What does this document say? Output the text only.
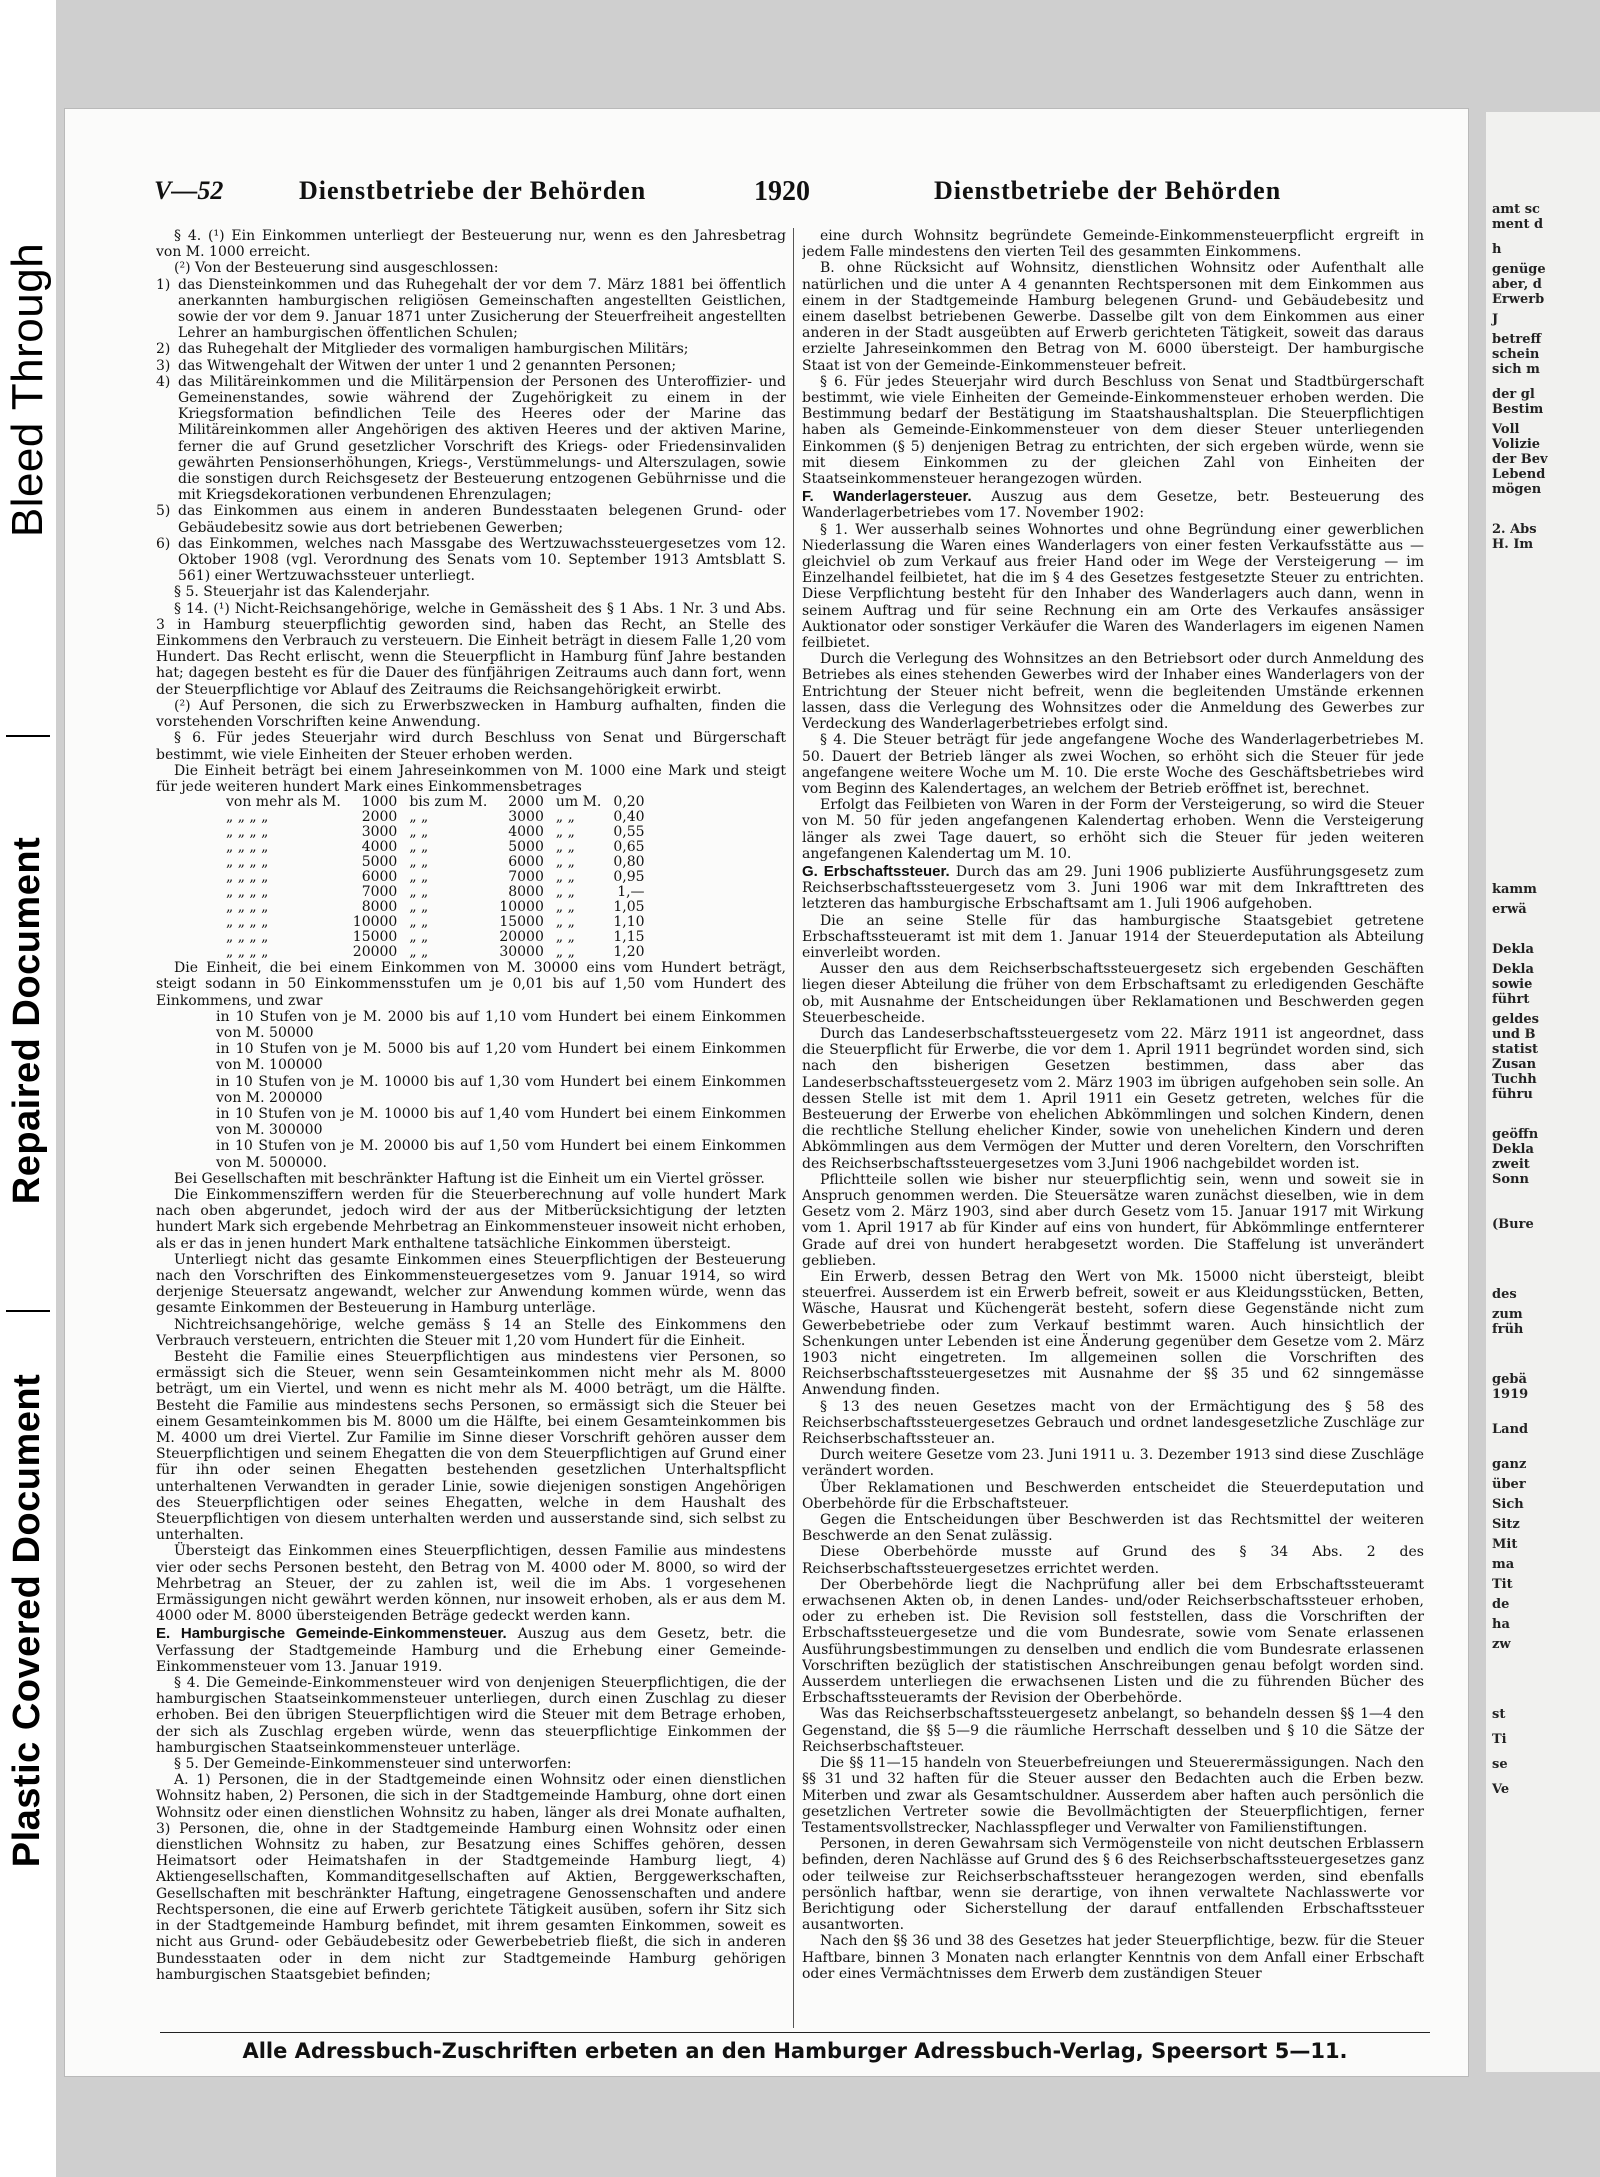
Bleed Through
Repaired Document
Plastic Covered Document
V—52	Dienstbetriebe der Behörden	1920	Dienstbetriebe der Behörden

§ 4. (¹) Ein Einkommen unterliegt der Besteuerung nur, wenn es den Jahresbetrag von M. 1000 erreicht.

(²) Von der Besteuerung sind ausgeschlossen:

1) das Diensteinkommen und das Ruhegehalt der vor dem 7. März 1881 bei öffentlich anerkannten hamburgischen religiösen Gemeinschaften angestellten Geistlichen, sowie der vor dem 9. Januar 1871 unter Zusicherung der Steuerfreiheit angestellten Lehrer an hamburgischen öffentlichen Schulen;

2) das Ruhegehalt der Mitglieder des vormaligen hamburgischen Militärs;

3) das Witwengehalt der Witwen der unter 1 und 2 genannten Personen;

4) das Militäreinkommen und die Militärpension der Personen des Unteroffizier- und Gemeinenstandes, sowie während der Zugehörigkeit zu einem in der Kriegsformation befindlichen Teile des Heeres oder der Marine das Militäreinkommen aller Angehörigen des aktiven Heeres und der aktiven Marine, ferner die auf Grund gesetzlicher Vorschrift des Kriegs- oder Friedensinvaliden gewährten Pensionserhöhungen, Kriegs-, Verstümmelungs- und Alterszulagen, sowie die sonstigen durch Reichsgesetz der Besteuerung entzogenen Gebührnisse und die mit Kriegsdekorationen verbundenen Ehrenzulagen;

5) das Einkommen aus einem in anderen Bundesstaaten belegenen Grund- oder Gebäudebesitz sowie aus dort betriebenen Gewerben;

6) das Einkommen, welches nach Massgabe des Wertzuwachssteuergesetzes vom 12. Oktober 1908 (vgl. Verordnung des Senats vom 10. September 1913 Amtsblatt S. 561) einer Wertzuwachssteuer unterliegt.

§ 5. Steuerjahr ist das Kalenderjahr.

§ 14. (¹) Nicht-Reichsangehörige, welche in Gemässheit des § 1 Abs. 1 Nr. 3 und Abs. 3 in Hamburg steuerpflichtig geworden sind, haben das Recht, an Stelle des Einkommens den Verbrauch zu versteuern. Die Einheit beträgt in diesem Falle 1,20 vom Hundert. Das Recht erlischt, wenn die Steuerpflicht in Hamburg fünf Jahre bestanden hat; dagegen besteht es für die Dauer des fünfjährigen Zeitraums auch dann fort, wenn der Steuerpflichtige vor Ablauf des Zeitraums die Reichsangehörigkeit erwirbt.

(²) Auf Personen, die sich zu Erwerbszwecken in Hamburg aufhalten, finden die vorstehenden Vorschriften keine Anwendung.

§ 6. Für jedes Steuerjahr wird durch Beschluss von Senat und Bürgerschaft bestimmt, wie viele Einheiten der Steuer erhoben werden.

Die Einheit beträgt bei einem Jahreseinkommen von M. 1000 eine Mark und steigt für jede weiteren hundert Mark eines Einkommensbetrages

von mehr als M.	1000	bis zum M.	2000	um M.	0,20
„ „ „ „	2000	„ „	3000	„ „	0,40
„ „ „ „	3000	„ „	4000	„ „	0,55
„ „ „ „	4000	„ „	5000	„ „	0,65
„ „ „ „	5000	„ „	6000	„ „	0,80
„ „ „ „	6000	„ „	7000	„ „	0,95
„ „ „ „	7000	„ „	8000	„ „	1,—
„ „ „ „	8000	„ „	10000	„ „	1,05
„ „ „ „	10000	„ „	15000	„ „	1,10
„ „ „ „	15000	„ „	20000	„ „	1,15
„ „ „ „	20000	„ „	30000	„ „	1,20

Die Einheit, die bei einem Einkommen von M. 30000 eins vom Hundert beträgt, steigt sodann in 50 Einkommensstufen um je 0,01 bis auf 1,50 vom Hundert des Einkommens, und zwar

in 10 Stufen von je M. 2000 bis auf 1,10 vom Hundert bei einem Einkommen von M. 50000

in 10 Stufen von je M. 5000 bis auf 1,20 vom Hundert bei einem Einkommen von M. 100000

in 10 Stufen von je M. 10000 bis auf 1,30 vom Hundert bei einem Einkommen von M. 200000

in 10 Stufen von je M. 10000 bis auf 1,40 vom Hundert bei einem Einkommen von M. 300000

in 10 Stufen von je M. 20000 bis auf 1,50 vom Hundert bei einem Einkommen von M. 500000.

Bei Gesellschaften mit beschränkter Haftung ist die Einheit um ein Viertel grösser.

Die Einkommensziffern werden für die Steuerberechnung auf volle hundert Mark nach oben abgerundet, jedoch wird der aus der Mitberücksichtigung der letzten hundert Mark sich ergebende Mehrbetrag an Einkommensteuer insoweit nicht erhoben, als er das in jenen hundert Mark enthaltene tatsächliche Einkommen übersteigt.

Unterliegt nicht das gesamte Einkommen eines Steuerpflichtigen der Besteuerung nach den Vorschriften des Einkommensteuergesetzes vom 9. Januar 1914, so wird derjenige Steuersatz angewandt, welcher zur Anwendung kommen würde, wenn das gesamte Einkommen der Besteuerung in Hamburg unterläge.

Nichtreichsangehörige, welche gemäss § 14 an Stelle des Einkommens den Verbrauch versteuern, entrichten die Steuer mit 1,20 vom Hundert für die Einheit.

Besteht die Familie eines Steuerpflichtigen aus mindestens vier Personen, so ermässigt sich die Steuer, wenn sein Gesamteinkommen nicht mehr als M. 8000 beträgt, um ein Viertel, und wenn es nicht mehr als M. 4000 beträgt, um die Hälfte. Besteht die Familie aus mindestens sechs Personen, so ermässigt sich die Steuer bei einem Gesamteinkommen bis M. 8000 um die Hälfte, bei einem Gesamteinkommen bis M. 4000 um drei Viertel. Zur Familie im Sinne dieser Vorschrift gehören ausser dem Steuerpflichtigen und seinem Ehegatten die von dem Steuerpflichtigen auf Grund einer für ihn oder seinen Ehegatten bestehenden gesetzlichen Unterhaltspflicht unterhaltenen Verwandten in gerader Linie, sowie diejenigen sonstigen Angehörigen des Steuerpflichtigen oder seines Ehegatten, welche in dem Haushalt des Steuerpflichtigen von diesem unterhalten werden und ausserstande sind, sich selbst zu unterhalten.

Übersteigt das Einkommen eines Steuerpflichtigen, dessen Familie aus mindestens vier oder sechs Personen besteht, den Betrag von M. 4000 oder M. 8000, so wird der Mehrbetrag an Steuer, der zu zahlen ist, weil die im Abs. 1 vorgesehenen Ermässigungen nicht gewährt werden können, nur insoweit erhoben, als er aus dem M. 4000 oder M. 8000 übersteigenden Beträge gedeckt werden kann.

E. Hamburgische Gemeinde-Einkommensteuer. Auszug aus dem Gesetz, betr. die Verfassung der Stadtgemeinde Hamburg und die Erhebung einer Gemeinde-Einkommensteuer vom 13. Januar 1919.

§ 4. Die Gemeinde-Einkommensteuer wird von denjenigen Steuerpflichtigen, die der hamburgischen Staatseinkommensteuer unterliegen, durch einen Zuschlag zu dieser erhoben. Bei den übrigen Steuerpflichtigen wird die Steuer mit dem Betrage erhoben, der sich als Zuschlag ergeben würde, wenn das steuerpflichtige Einkommen der hamburgischen Staatseinkommensteuer unterläge.

§ 5. Der Gemeinde-Einkommensteuer sind unterworfen:

A. 1) Personen, die in der Stadtgemeinde einen Wohnsitz oder einen dienstlichen Wohnsitz haben, 2) Personen, die sich in der Stadtgemeinde Hamburg, ohne dort einen Wohnsitz oder einen dienstlichen Wohnsitz zu haben, länger als drei Monate aufhalten, 3) Personen, die, ohne in der Stadtgemeinde Hamburg einen Wohnsitz oder einen dienstlichen Wohnsitz zu haben, zur Besatzung eines Schiffes gehören, dessen Heimatsort oder Heimatshafen in der Stadtgemeinde Hamburg liegt, 4) Aktiengesellschaften, Kommanditgesellschaften auf Aktien, Berggewerkschaften, Gesellschaften mit beschränkter Haftung, eingetragene Genossenschaften und andere Rechtspersonen, die eine auf Erwerb gerichtete Tätigkeit ausüben, sofern ihr Sitz sich in der Stadtgemeinde Hamburg befindet, mit ihrem gesamten Einkommen, soweit es nicht aus Grund- oder Gebäudebesitz oder Gewerbebetrieb fließt, die sich in anderen Bundesstaaten oder in dem nicht zur Stadtgemeinde Hamburg gehörigen hamburgischen Staatsgebiet befinden;

eine durch Wohnsitz begründete Gemeinde-Einkommensteuerpflicht ergreift in jedem Falle mindestens den vierten Teil des gesammten Einkommens.

B. ohne Rücksicht auf Wohnsitz, dienstlichen Wohnsitz oder Aufenthalt alle natürlichen und die unter A 4 genannten Rechtspersonen mit dem Einkommen aus einem in der Stadtgemeinde Hamburg belegenen Grund- und Gebäudebesitz und einem daselbst betriebenen Gewerbe. Dasselbe gilt von dem Einkommen aus einer anderen in der Stadt ausgeübten auf Erwerb gerichteten Tätigkeit, soweit das daraus erzielte Jahreseinkommen den Betrag von M. 6000 übersteigt. Der hamburgische Staat ist von der Gemeinde-Einkommensteuer befreit.

§ 6. Für jedes Steuerjahr wird durch Beschluss von Senat und Stadtbürgerschaft bestimmt, wie viele Einheiten der Gemeinde-Einkommensteuer erhoben werden. Die Bestimmung bedarf der Bestätigung im Staatshaushaltsplan. Die Steuerpflichtigen haben als Gemeinde-Einkommensteuer von dem dieser Steuer unterliegenden Einkommen (§ 5) denjenigen Betrag zu entrichten, der sich ergeben würde, wenn sie mit diesem Einkommen zu der gleichen Zahl von Einheiten der Staatseinkommensteuer herangezogen würden.

F. Wanderlagersteuer. Auszug aus dem Gesetze, betr. Besteuerung des Wanderlagerbetriebes vom 17. November 1902:

§ 1. Wer ausserhalb seines Wohnortes und ohne Begründung einer gewerblichen Niederlassung die Waren eines Wanderlagers von einer festen Verkaufsstätte aus — gleichviel ob zum Verkauf aus freier Hand oder im Wege der Versteigerung — im Einzelhandel feilbietet, hat die im § 4 des Gesetzes festgesetzte Steuer zu entrichten. Diese Verpflichtung besteht für den Inhaber des Wanderlagers auch dann, wenn in seinem Auftrag und für seine Rechnung ein am Orte des Verkaufes ansässiger Auktionator oder sonstiger Verkäufer die Waren des Wanderlagers im eigenen Namen feilbietet.

Durch die Verlegung des Wohnsitzes an den Betriebsort oder durch Anmeldung des Betriebes als eines stehenden Gewerbes wird der Inhaber eines Wanderlagers von der Entrichtung der Steuer nicht befreit, wenn die begleitenden Umstände erkennen lassen, dass die Verlegung des Wohnsitzes oder die Anmeldung des Gewerbes zur Verdeckung des Wanderlagerbetriebes erfolgt sind.

§ 4. Die Steuer beträgt für jede angefangene Woche des Wanderlagerbetriebes M. 50. Dauert der Betrieb länger als zwei Wochen, so erhöht sich die Steuer für jede angefangene weitere Woche um M. 10. Die erste Woche des Geschäftsbetriebes wird vom Beginn des Kalendertages, an welchem der Betrieb eröffnet ist, berechnet.

Erfolgt das Feilbieten von Waren in der Form der Versteigerung, so wird die Steuer von M. 50 für jeden angefangenen Kalendertag erhoben. Wenn die Versteigerung länger als zwei Tage dauert, so erhöht sich die Steuer für jeden weiteren angefangenen Kalendertag um M. 10.

G. Erbschaftssteuer. Durch das am 29. Juni 1906 publizierte Ausführungsgesetz zum Reichserbschaftssteuergesetz vom 3. Juni 1906 war mit dem Inkrafttreten des letzteren das hamburgische Erbschaftsamt am 1. Juli 1906 aufgehoben.

Die an seine Stelle für das hamburgische Staatsgebiet getretene Erbschaftssteueramt ist mit dem 1. Januar 1914 der Steuerdeputation als Abteilung einverleibt worden.

Ausser den aus dem Reichserbschaftssteuergesetz sich ergebenden Geschäften liegen dieser Abteilung die früher von dem Erbschaftsamt zu erledigenden Geschäfte ob, mit Ausnahme der Entscheidungen über Reklamationen und Beschwerden gegen Steuerbescheide.

Durch das Landeserbschaftssteuergesetz vom 22. März 1911 ist angeordnet, dass die Steuerpflicht für Erwerbe, die vor dem 1. April 1911 begründet worden sind, sich nach den bisherigen Gesetzen bestimmen, dass aber das Landeserbschaftssteuergesetz vom 2. März 1903 im übrigen aufgehoben sein solle. An dessen Stelle ist mit dem 1. April 1911 ein Gesetz getreten, welches für die Besteuerung der Erwerbe von ehelichen Abkömmlingen und solchen Kindern, denen die rechtliche Stellung ehelicher Kinder, sowie von unehelichen Kindern und deren Abkömmlingen aus dem Vermögen der Mutter und deren Voreltern, den Vorschriften des Reichserbschaftssteuergesetzes vom 3.Juni 1906 nachgebildet worden ist.

Pflichtteile sollen wie bisher nur steuerpflichtig sein, wenn und soweit sie in Anspruch genommen werden. Die Steuersätze waren zunächst dieselben, wie in dem Gesetz vom 2. März 1903, sind aber durch Gesetz vom 15. Januar 1917 mit Wirkung vom 1. April 1917 ab für Kinder auf eins von hundert, für Abkömmlinge entfernterer Grade auf drei von hundert herabgesetzt worden. Die Staffelung ist unverändert geblieben.

Ein Erwerb, dessen Betrag den Wert von Mk. 15000 nicht übersteigt, bleibt steuerfrei. Ausserdem ist ein Erwerb befreit, soweit er aus Kleidungsstücken, Betten, Wäsche, Hausrat und Küchengerät besteht, sofern diese Gegenstände nicht zum Gewerbebetriebe oder zum Verkauf bestimmt waren. Auch hinsichtlich der Schenkungen unter Lebenden ist eine Änderung gegenüber dem Gesetze vom 2. März 1903 nicht eingetreten. Im allgemeinen sollen die Vorschriften des Reichserbschaftssteuergesetzes mit Ausnahme der §§ 35 und 62 sinngemässe Anwendung finden.

§ 13 des neuen Gesetzes macht von der Ermächtigung des § 58 des Reichserbschaftssteuergesetzes Gebrauch und ordnet landesgesetzliche Zuschläge zur Reichserbschaftssteuer an.

Durch weitere Gesetze vom 23. Juni 1911 u. 3. Dezember 1913 sind diese Zuschläge verändert worden.

Über Reklamationen und Beschwerden entscheidet die Steuerdeputation und Oberbehörde für die Erbschaftsteuer.

Gegen die Entscheidungen über Beschwerden ist das Rechtsmittel der weiteren Beschwerde an den Senat zulässig.

Diese Oberbehörde musste auf Grund des § 34 Abs. 2 des Reichserbschaftssteuergesetzes errichtet werden.

Der Oberbehörde liegt die Nachprüfung aller bei dem Erbschaftssteueramt erwachsenen Akten ob, in denen Landes- und/oder Reichserbschaftssteuer erhoben, oder zu erheben ist. Die Revision soll feststellen, dass die Vorschriften der Erbschaftssteuergesetze und die vom Bundesrate, sowie vom Senate erlassenen Ausführungsbestimmungen zu denselben und endlich die vom Bundesrate erlassenen Vorschriften bezüglich der statistischen Anschreibungen genau befolgt worden sind. Ausserdem unterliegen die erwachsenen Listen und die zu führenden Bücher des Erbschaftssteueramts der Revision der Oberbehörde.

Was das Reichserbschaftssteuergesetz anbelangt, so behandeln dessen §§ 1—4 den Gegenstand, die §§ 5—9 die räumliche Herrschaft desselben und § 10 die Sätze der Reichserbschaftsteuer.

Die §§ 11—15 handeln von Steuerbefreiungen und Steuerermässigungen. Nach den §§ 31 und 32 haften für die Steuer ausser den Bedachten auch die Erben bezw. Miterben und zwar als Gesamtschuldner. Ausserdem aber haften auch persönlich die gesetzlichen Vertreter sowie die Bevollmächtigten der Steuerpflichtigen, ferner Testamentsvollstrecker, Nachlasspfleger und Verwalter von Familienstiftungen.

Personen, in deren Gewahrsam sich Vermögensteile von nicht deutschen Erblassern befinden, deren Nachlässe auf Grund des § 6 des Reichserbschaftssteuergesetzes ganz oder teilweise zur Reichserbschaftssteuer herangezogen werden, sind ebenfalls persönlich haftbar, wenn sie derartige, von ihnen verwaltete Nachlasswerte vor Berichtigung oder Sicherstellung der darauf entfallenden Erbschaftssteuer ausantworten.

Nach den §§ 36 und 38 des Gesetzes hat jeder Steuerpflichtige, bezw. für die Steuer Haftbare, binnen 3 Monaten nach erlangter Kenntnis von dem Anfall einer Erbschaft oder eines Vermächtnisses dem Erwerb dem zuständigen Steuer

Alle Adressbuch-Zuschriften erbeten an den Hamburger Adressbuch-Verlag, Speersort 5—11.
amt sc
ment d
h
genüge
aber, d
Erwerb
J
betreff
schein
sich m
der gl
Bestim
Voll
Volizie
der Bev
Lebend
mögen
2. Abs
H. Im
kamm
erwä
Dekla
Dekla
sowie
führt
geldes
und B
statist
Zusan
Tuchh
führu
geöffn
Dekla
zweit
Sonn
(Bure
des
zum
früh
gebä
1919
Land
ganz
über
Sich
Sitz
Mit
ma
Tit
de
ha
zw
st
Ti
se
Ve
